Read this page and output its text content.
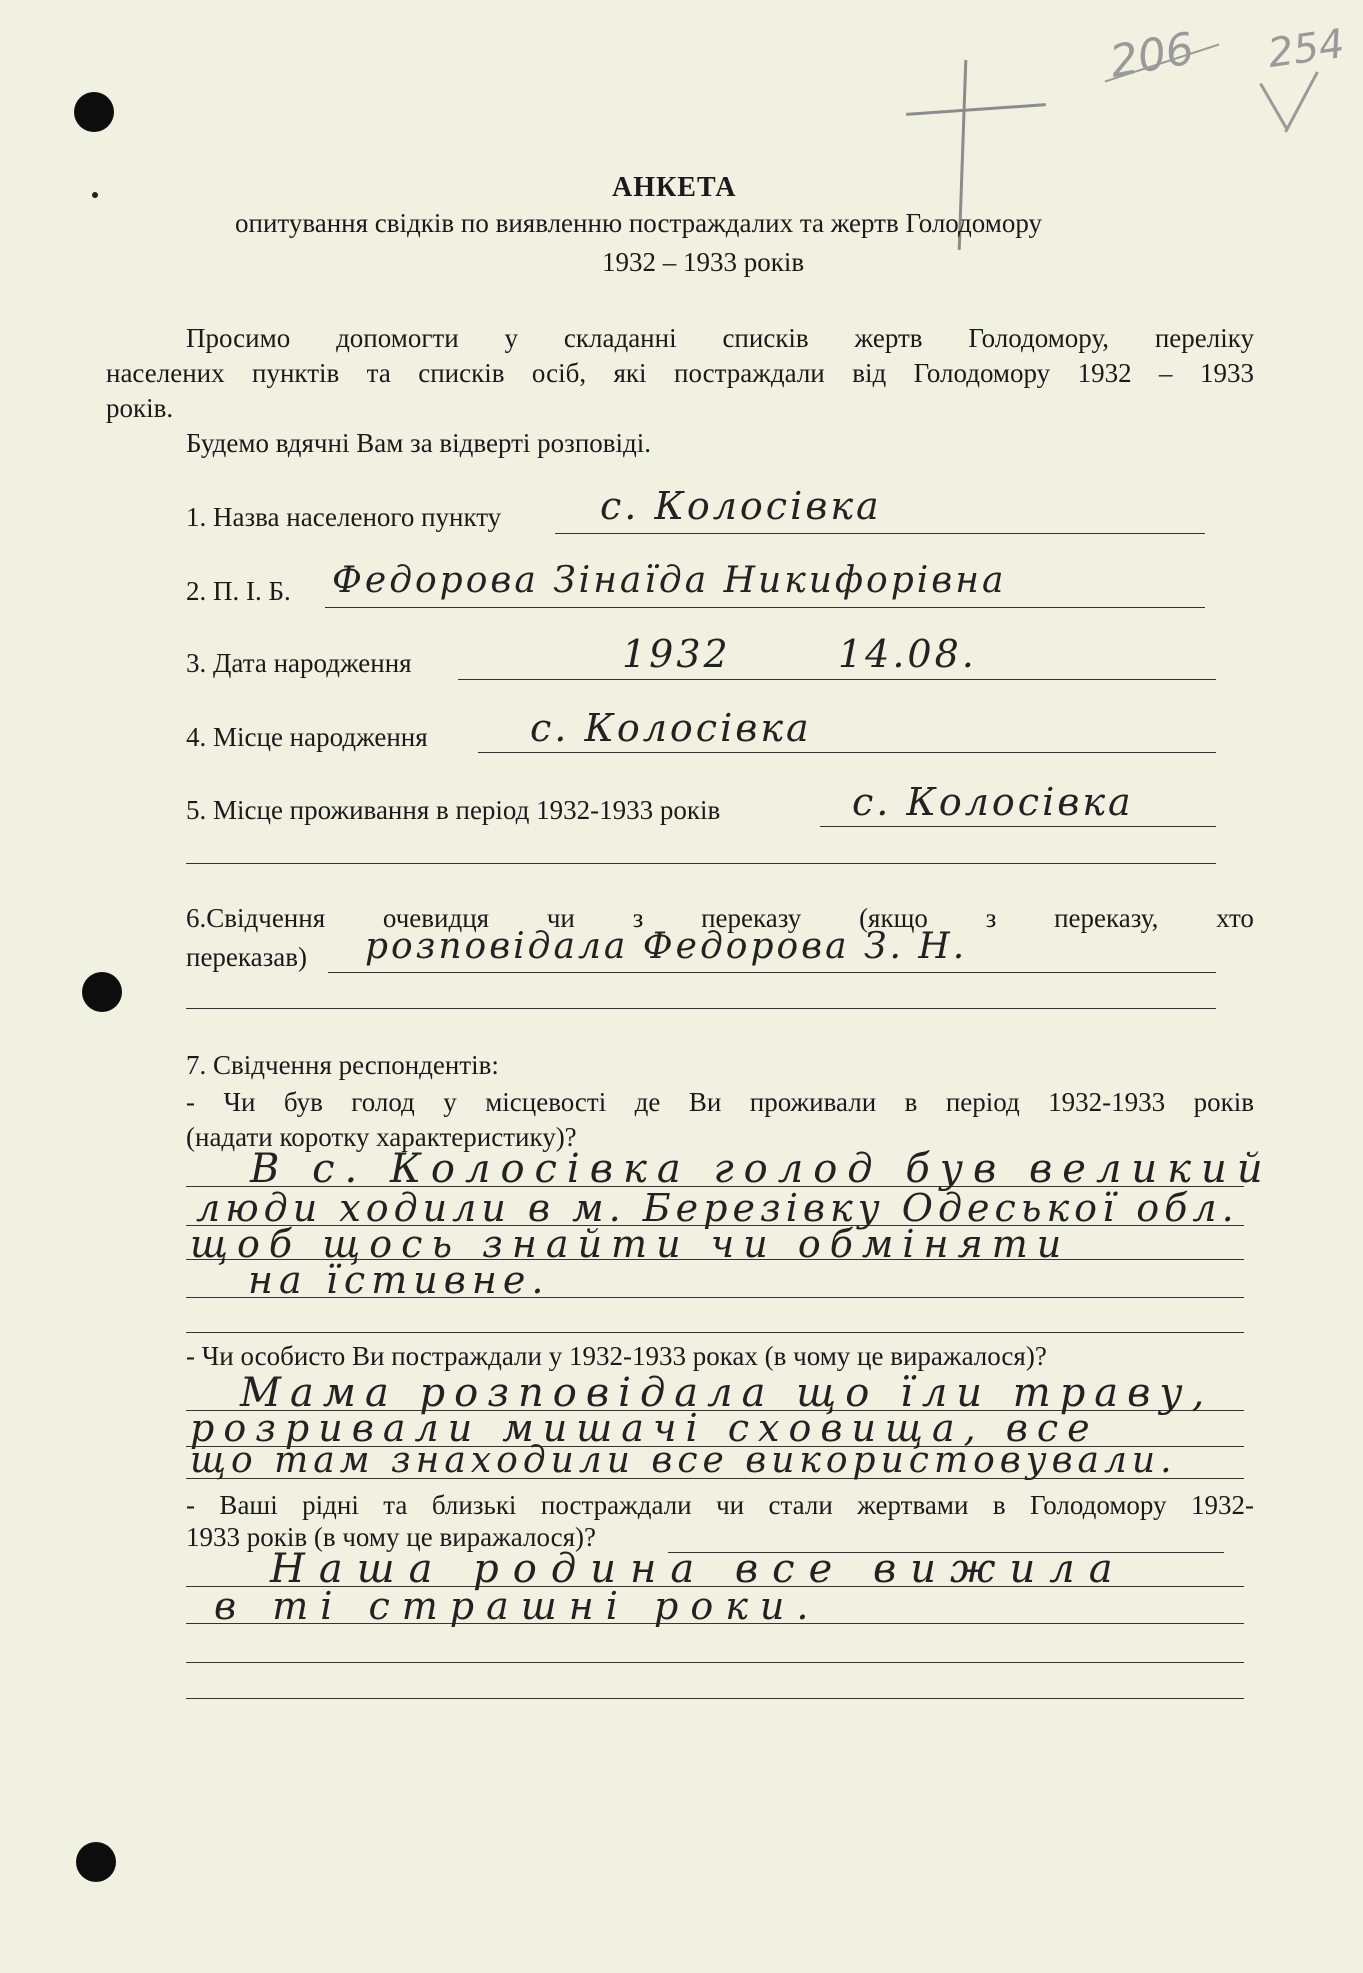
206 254
АНКЕТА
опитування свідків по виявленню постраждалих та жертв Голодомору
1932 – 1933 років
Просимо допомогти у складанні списків жертв Голодомору, переліку
населених пунктів та списків осіб, які постраждали від Голодомору 1932 – 1933
років.
Будемо вдячні Вам за відверті розповіді.
1. Назва населеного пункту	с. Колосівка
2. П. І. Б. Федорова Зінаїда Никифорівна
3. Дата народження	1932	14.08.
4. Місце народження	с. Колосівка
5. Місце проживання в період 1932-1933 років	с. Колосівка
6.Свідчення очевидця чи з переказу (якщо з переказу, хто
переказав) розповідала Федорова З. Н.
7. Свідчення респондентів:
- Чи був голод у місцевості де Ви проживали в період 1932-1933 років
(надати коротку характеристику)?
В с. Колосівка голод був великий
люди ходили в м. Березівку Одеської обл.
щоб щось знайти чи обміняти
на їстивне.
- Чи особисто Ви постраждали у 1932-1933 роках (в чому це виражалося)?
Мама розповідала що їли траву,
розривали мишачі сховища, все
що там знаходили все використовували.
- Ваші рідні та близькі постраждали чи стали жертвами в Голодомору 1932-
1933 років (в чому це виражалося)?
Наша родина все вижила
в ті страшні роки.
